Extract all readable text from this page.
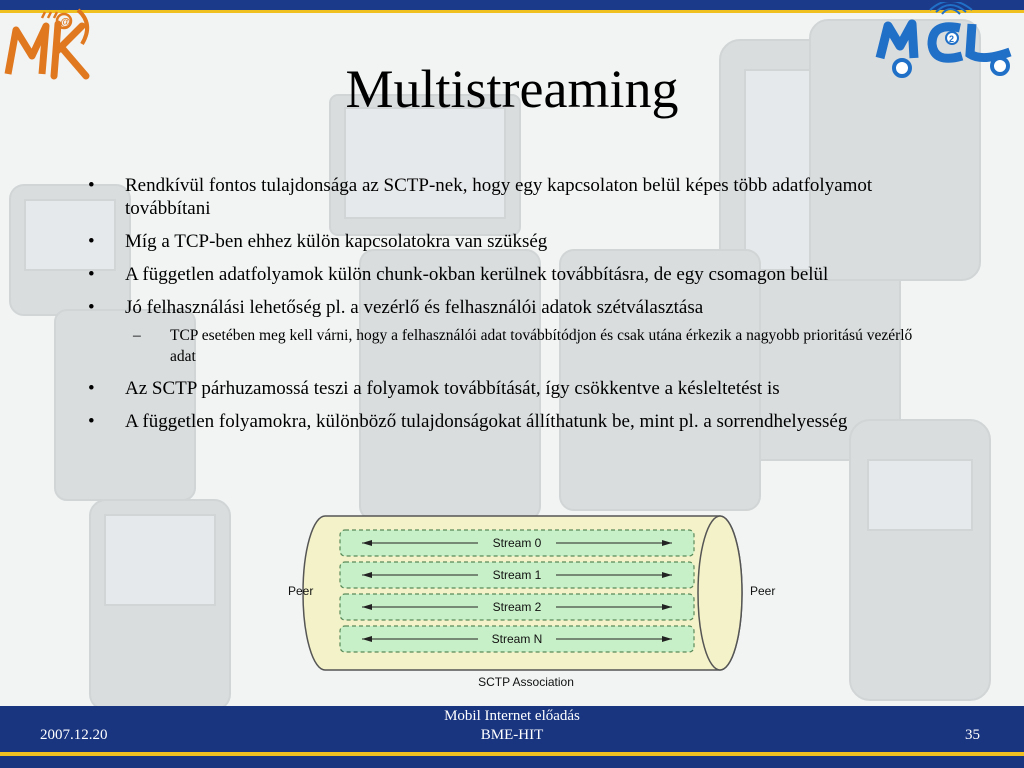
@
2
Multistreaming
• Rendkívül fontos tulajdonsága az SCTP-nek, hogy egy kapcsolaton belül képes több adatfolyamot továbbítani
• Míg a TCP-ben ehhez külön kapcsolatokra van szükség
• A független adatfolyamok külön chunk-okban kerülnek továbbításra, de egy csomagon belül
• Jó felhasználási lehetőség pl. a vezérlő és felhasználói adatok szétválasztása
– TCP esetében meg kell várni, hogy a felhasználói adat továbbítódjon és csak utána érkezik a nagyobb prioritású vezérlő adat
• Az SCTP párhuzamossá teszi a folyamok továbbítását, így csökkentve a késleltetést is
• A független folyamokra, különböző tulajdonságokat állíthatunk be, mint pl. a sorrendhelyesség
Stream 0
Stream 1
Stream 2
Stream N
Peer	Peer
SCTP Association
2007.12.20
Mobil Internet előadás
BME-HIT	35
